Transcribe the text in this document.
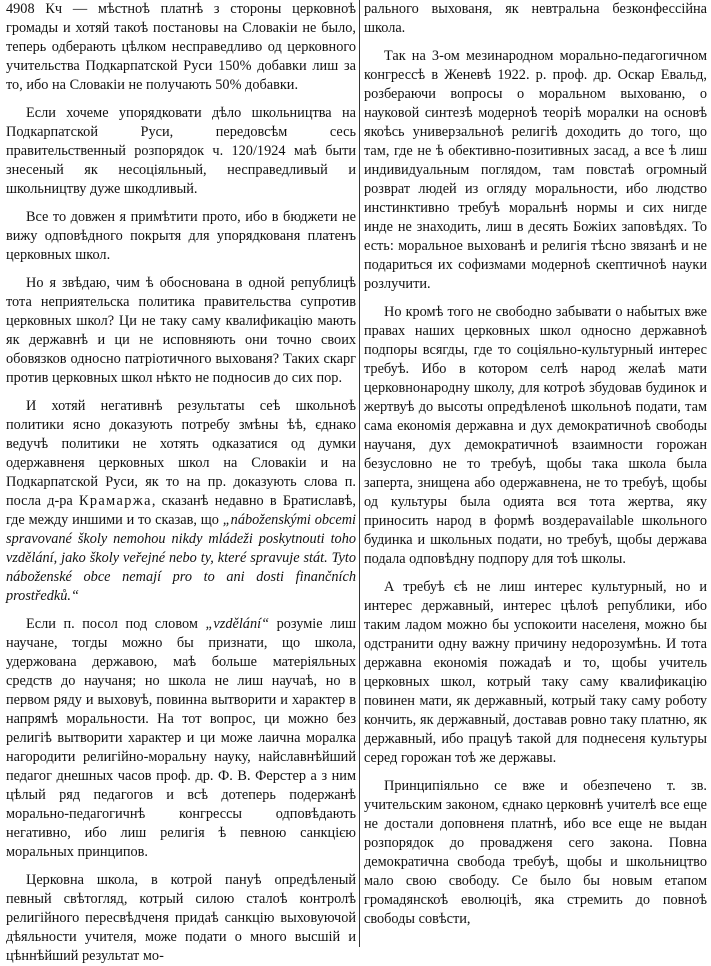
4908 Кч — мѣстноѣ платнѣ з стороны церковноѣ громады и хотяй такоѣ постановы на Словакіи не было, теперь одберають цѣлком несправедливо од церковного учительства Подкарпатской Руси 150% добавки лиш за то, ибо на Словакіи не получають 50% добавки.

Если хочеме упорядковати дѣло школьництва на Подкарпатской Руси, передовсѣм сесь правительственный розпорядок ч. 120/1924 маѣ быти знесеный як несоціяльный, несправедливый и школьництву дуже шкодливый.

Все то довжен я примѣтити прото, ибо в бюджети не вижу одповѣдного покрытя для упорядкованя платенъ церковных школ.

Но я звѣдаю, чим ѣ обоснована в одной републицѣ тота неприятельска политика правительства супротив церковных школ? Ци не таку саму квалификацію мають як державнѣ и ци не исповняють они точно своих обовязков односно патріотичного выхованя? Таких скарг против церковных школ нѣкто не подносив до сих пор.

И хотяй негативнѣ результаты сеѣ школьноѣ политики ясно доказують потребу змѣны ѣѣ, єднако ведучѣ политики не хотять одказатися од думки одержавненя церковных школ на Словакіи и на Подкарпатской Руси, як то на пр. доказують слова п. посла д-ра Крамаржа, сказанѣ недавно в Братиславѣ, где между иншими и то сказав, що „náboženskými obcemi spravované školy nemohou nikdy mládeži poskytnouti toho vzdělání, jako školy veřejné nebo ty, které spravuje stát. Tyto náboženské obce nemají pro to ani dosti finančních prostředků.“

Если п. посол под словом „vzdělání“ розуміе лиш научане, тогды можно бы признати, що школа, удержована державою, маѣ больше матеріяльных средств до научаня; но школа не лиш научаѣ, но в первом ряду и выховуѣ, повинна вытворити и характер в напрямѣ моральности. На тот вопрос, ци можно без религіѣ вытворити характер и ци може лаична моралка нагородити религійно-моральну науку, найславнѣйший педагог днешных часов проф. др. Ф. В. Ферстер а з ним цѣлый ряд педагогов и всѣ дотеперь подержанѣ морально-педагогичнѣ конгрессы одповѣдають негативно, ибо лиш религія ѣ певною санкцією моральных принципов.

Церковна школа, в котрой пануѣ опредѣленый певный свѣтогляд, котрый силою сталоѣ контролѣ религійного пересвѣдченя придаѣ санкцію выховуючой дѣяльности учителя, може подати о много высшій и цѣннѣйший результат мо-

рального выхованя, як невтральна безконфессійна школа.

Так на 3-ом мезинародном морально-педагогичном конгрессѣ в Женевѣ 1922. р. проф. др. Оскар Евальд, розбераючи вопросы о моральном выхованю, о науковой синтезѣ модерноѣ теоріѣ моралки на основѣ якоѣсь универзальноѣ религіѣ доходить до того, що там, где не ѣ обективно-позитивных засад, а все ѣ лиш индивидуальным поглядом, там повстаѣ огромный розврат людей из огляду моральности, ибо людство инстинктивно требуѣ моральнѣ нормы и сих нигде инде не знаходить, лиш в десять Божіих заповѣдях. То есть: моральное выхованѣ и религія тѣсно звязанѣ и не подариться их софизмами модерноѣ скептичноѣ науки розлучити.

Но кромѣ того не свободно забывати о набытых вже правах наших церковных школ односно державноѣ подпоры всягды, где то соціяльно-культурный интерес требуѣ. Ибо в котором селѣ народ желаѣ мати церковнонародну школу, для котроѣ збудовав будинок и жертвуѣ до высоты опредѣленоѣ школьноѣ подати, там сама економія державна и дух демократичноѣ свободы научаня, дух демократичноѣ взаимности горожан безусловно не то требуѣ, щобы така школа была заперта, знищена або одержавнена, не то требуѣ, щобы од культуры была одията вся тота жертва, яку приносить народ в формѣ воздерavailable школьного будинка и школьных подати, но требуѣ, щобы держава подала одповѣдну подпору для тоѣ школы.

А требуѣ єѣ не лиш интерес культурный, но и интерес державный, интерес цѣлоѣ републики, ибо таким ладом можно бы успокоити населеня, можно бы одстранити одну важну причину недорозумѣнь. И тота державна економія пожадаѣ и то, щобы учитель церковных школ, котрый таку саму квалификацію повинен мати, як державный, котрый таку саму роботу кончить, як державный, доставав ровно таку платню, як державный, ибо працуѣ такой для поднесеня культуры серед горожан тоѣ же державы.

Принципіяльно се вже и обезпечено т. зв. учительским законом, єднако церковнѣ учителѣ все еще не достали доповненя платнѣ, ибо все еще не выдан розпорядок до провадженя сего закона. Повна демократична свобода требуѣ, щобы и школьництво мало свою свободу. Се было бы новым етапом громадянскоѣ еволюціѣ, яка стремить до повноѣ свободы совѣсти,
